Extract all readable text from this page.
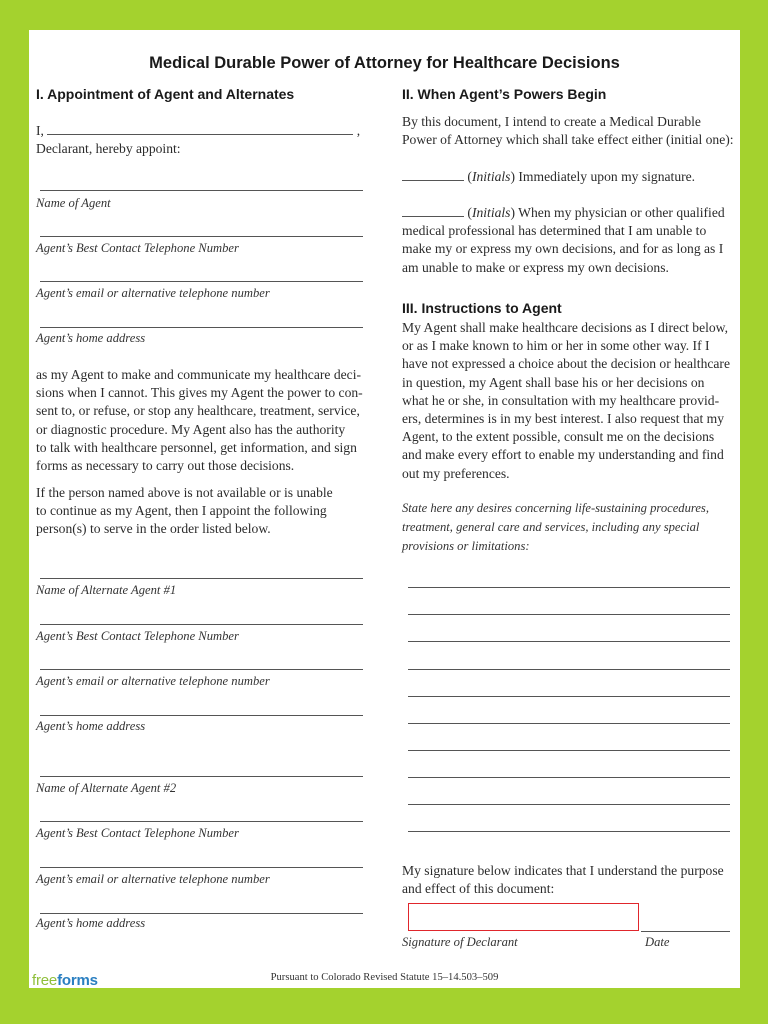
Medical Durable Power of Attorney for Healthcare Decisions
I. Appointment of Agent and Alternates
I,	,
Declarant, hereby appoint:
Name of Agent
Agent’s Best Contact Telephone Number
Agent’s email or alternative telephone number
Agent’s home address
as my Agent to make and communicate my healthcare deci-
sions when I cannot. This gives my Agent the power to con-
sent to, or refuse, or stop any healthcare, treatment, service,
or diagnostic procedure. My Agent also has the authority
to talk with healthcare personnel, get information, and sign
forms as necessary to carry out those decisions.
If the person named above is not available or is unable
to continue as my Agent, then I appoint the following
person(s) to serve in the order listed below.
Name of Alternate Agent #1
Agent’s Best Contact Telephone Number
Agent’s email or alternative telephone number
Agent’s home address
Name of Alternate Agent #2
Agent’s Best Contact Telephone Number
Agent’s email or alternative telephone number
Agent’s home address
II. When Agent’s Powers Begin
By this document, I intend to create a Medical Durable
Power of Attorney which shall take effect either (initial one):
(Initials) Immediately upon my signature.
(Initials) When my physician or other qualified
medical professional has determined that I am unable to
make my or express my own decisions, and for as long as I
am unable to make or express my own decisions.
III. Instructions to Agent
My Agent shall make healthcare decisions as I direct below,
or as I make known to him or her in some other way. If I
have not expressed a choice about the decision or healthcare
in question, my Agent shall base his or her decisions on
what he or she, in consultation with my healthcare provid-
ers, determines is in my best interest. I also request that my
Agent, to the extent possible, consult me on the decisions
and make every effort to enable my understanding and find
out my preferences.
State here any desires concerning life-sustaining procedures,
treatment, general care and services, including any special
provisions or limitations:
My signature below indicates that I understand the purpose
and effect of this document:
Signature of Declarant	Date
freeforms	Pursuant to Colorado Revised Statute 15–14.503–509
